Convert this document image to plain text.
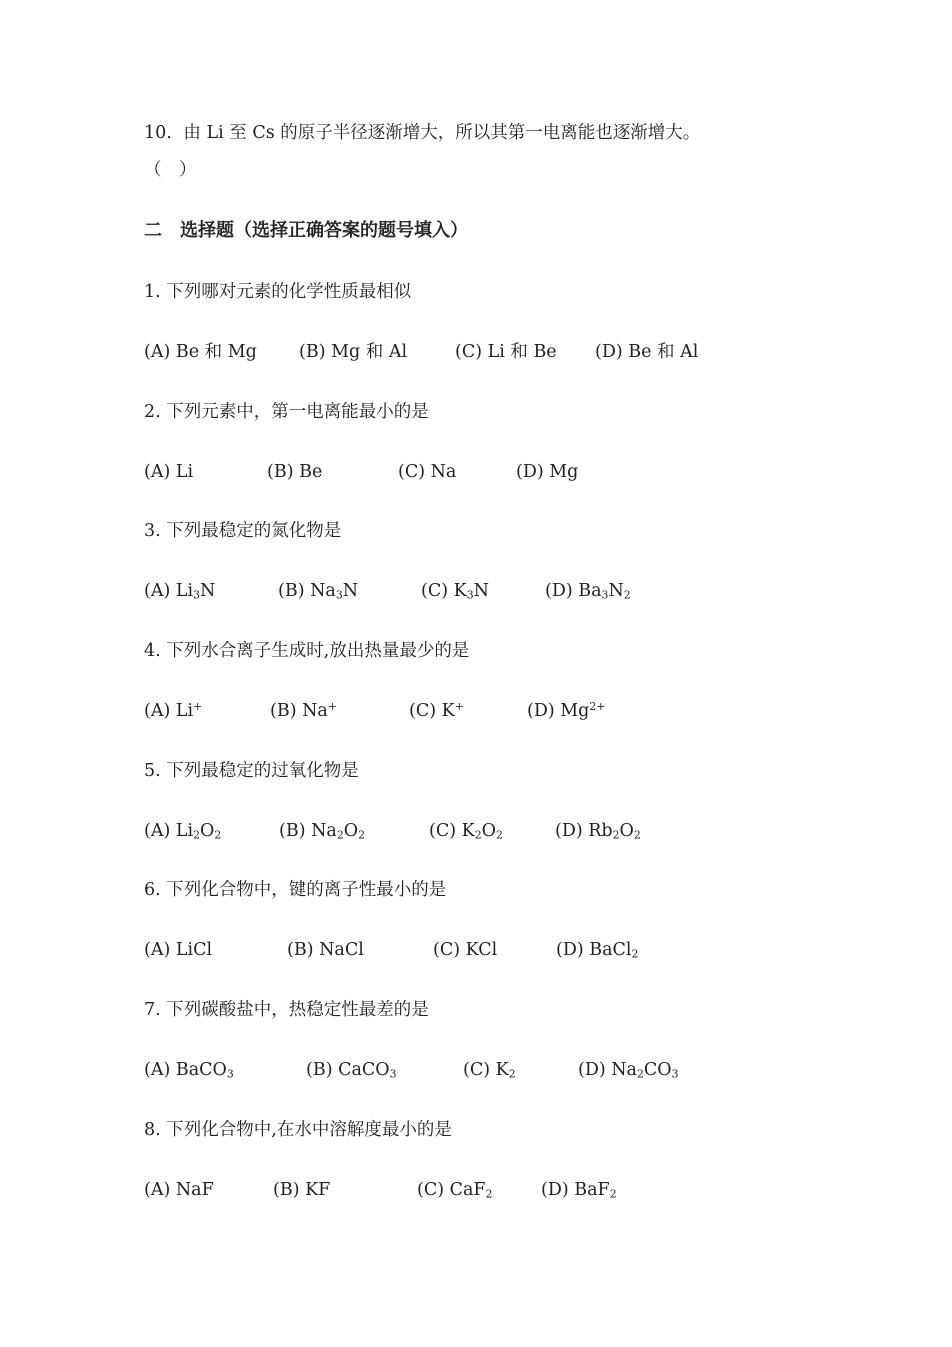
10. 由 Li 至 Cs 的原子半径逐渐增大，所以其第一电离能也逐渐增大。
（　）
二　选择题（选择正确答案的题号填入）
1. 下列哪对元素的化学性质最相似
(A) Be 和 Mg (B) Mg 和 Al	(C) Li 和 Be (D) Be 和 Al
2. 下列元素中，第一电离能最小的是
(A) Li	(B) Be	(C) Na	(D) Mg
3. 下列最稳定的氮化物是
(A) $Li_3N$	(B) $Na_3N$	(C) $K_3N$	(D) $Ba_3N_2$
4. 下列水合离子生成时,放出热量最少的是
(A) Li+	(B) Na+	(C) K+	(D) $Mg^{2+}$
5. 下列最稳定的过氧化物是
(A) $Li_2O_2$	(B) $Na_2O_2$	(C) $K_2O_2$	(D) $Rb_2O_2$
6. 下列化合物中，键的离子性最小的是
(A) LiCl	(B) NaCl	(C) KCl	(D) BaCl$_2$
7. 下列碳酸盐中，热稳定性最差的是
(A) BaCO$_3$	(B) CaCO$_3$	(C) $K_2$	(D) $Na_2CO_3$
8. 下列化合物中,在水中溶解度最小的是
(A) NaF	(B) KF	(C) CaF$_2$	(D) BaF$_2$
